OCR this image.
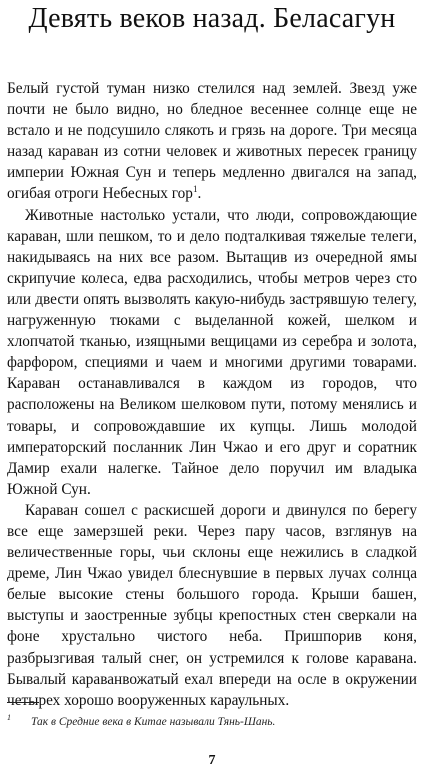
Девять веков назад. Беласагун

Белый густой туман низко стелился над землей. Звезд уже почти не было видно, но бледное весеннее солнце еще не встало и не подсушило слякоть и грязь на дороге. Три месяца назад караван из сотни человек и животных пересек границу империи Южная Сун и теперь медленно двигался на запад, огибая отроги Небесных гор$^1$.

Животные настолько устали, что люди, сопровождающие караван, шли пешком, то и дело подталкивая тяжелые телеги, накидываясь на них все разом. Вытащив из очередной ямы скрипучие колеса, едва расходились, чтобы метров через сто или двести опять вызволять какую-нибудь застрявшую телегу, нагруженную тюками с выделанной кожей, шелком и хлопчатой тканью, изящными вещицами из серебра и золота, фарфором, специями и чаем и многими другими товарами. Караван останавливался в каждом из городов, что расположены на Великом шелковом пути, потому менялись и товары, и сопровождавшие их купцы. Лишь молодой императорский посланник Лин Чжао и его друг и соратник Дамир ехали налегке. Тайное дело поручил им владыка Южной Сун.

Караван сошел с раскисшей дороги и двинулся по берегу все еще замерзшей реки. Через пару часов, взглянув на величественные горы, чьи склоны еще нежились в сладкой дреме, Лин Чжао увидел блеснувшие в первых лучах солнца белые высокие стены большого города. Крыши башен, выступы и заостренные зубцы крепостных стен сверкали на фоне хрустально чистого неба. Пришпорив коня, разбрызгивая талый снег, он устремился к голове каравана. Бывалый караванвожатый ехал впереди на осле в окружении четырех хорошо вооруженных караульных.

1 Так в Средние века в Китае называли Тянь-Шань.
7
